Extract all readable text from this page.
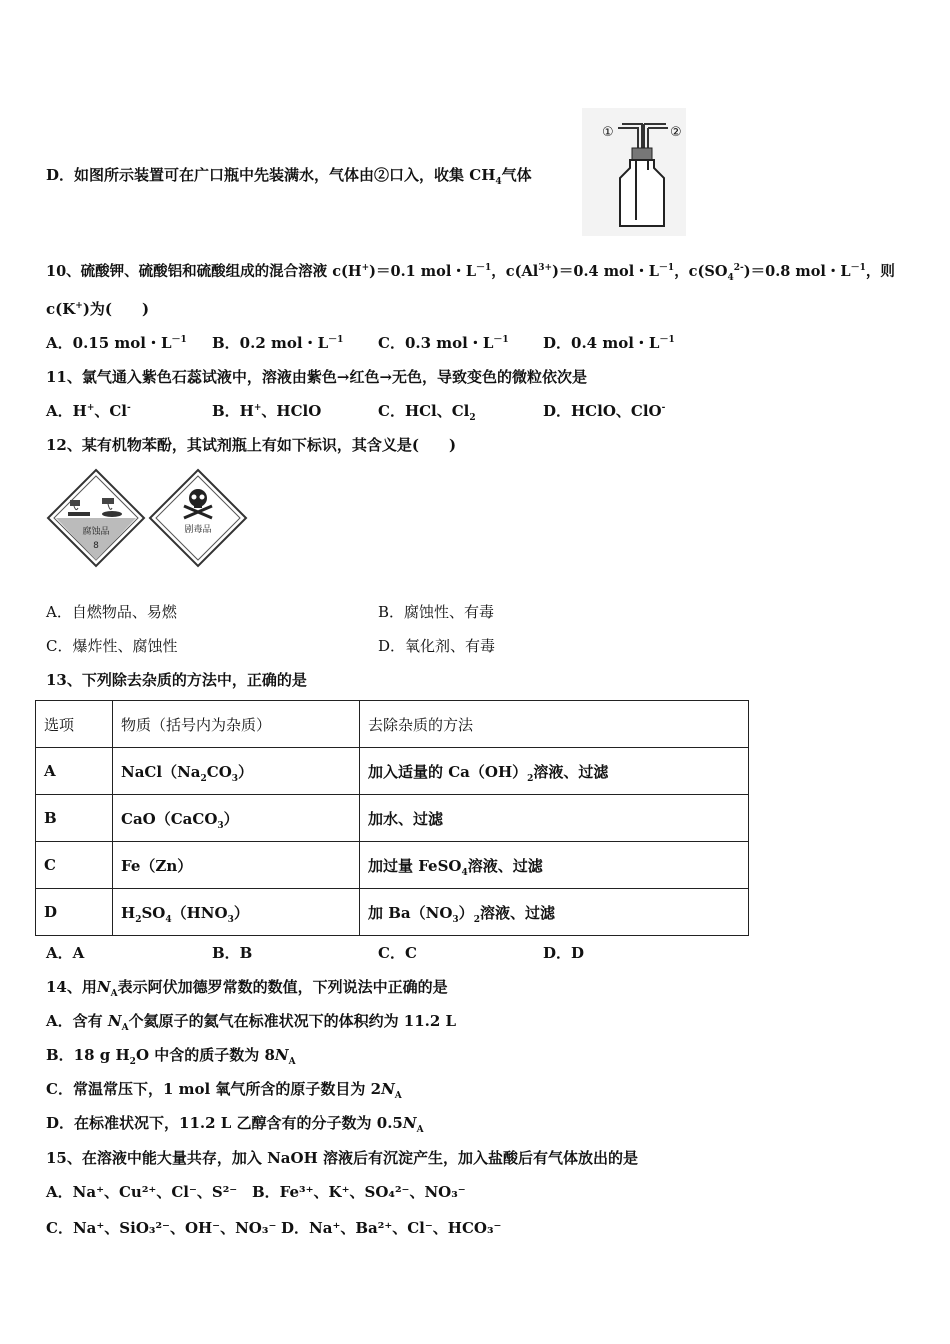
D．如图所示装置可在广口瓶中先装满水，气体由②口入，收集 $CH_4$气体
①	②
10、硫酸钾、硫酸铝和硫酸组成的混合溶液 c(H+)＝0.1 mol・$L^{-1}$，$c(Al^{3+})=0.4$ mol・$L^{-1}$，$c(SO_4^{2-})=0.8$ mol・$L^{-1}$，则
c(K+)为(　　)
A．0.15 mol・$L^{-1}$ B．0.2 mol・$L^{-1}$ C．0.3 mol・$L^{-1}$ D．0.4 mol・$L^{-1}$
11、氯气通入紫色石蕊试液中，溶液由紫色→红色→无色，导致变色的微粒依次是
A．H+、Cl-	B．H+、HClO	C．HCl、$Cl_2$	D．HClO、ClO-
12、某有机物苯酚，其试剂瓶上有如下标识，其含义是(　　)
腐蚀品
8
剧毒品
A．自燃物品、易燃	B．腐蚀性、有毒
C．爆炸性、腐蚀性	D．氧化剂、有毒
13、下列除去杂质的方法中，正确的是
选项	物质（括号内为杂质）	去除杂质的方法
A	$NaCl(Na_2CO_3)$	加入适量的 $Ca(OH)_2$溶液、过滤
B	CaO（CaCO$_3$）	加水、过滤
C	Fe（Zn）	加过量 FeSO$_4$溶液、过滤
D	$H_2SO_4(HNO_3)$	加 $Ba(NO_3)_2$溶液、过滤
A．A	B．B	C．C	D．D
14、用$N_A$表示阿伏加德罗常数的数值，下列说法中正确的是
A．含有 $N_A$个氦原子的氦气在标准状况下的体积约为 11.2 L
B．18 g $H_2O$ 中含的质子数为 $8N_A$
C．常温常压下，1 mol 氧气所含的原子数目为 $2N_A$
D．在标准状况下，11.2 L 乙醇含有的分子数为 $0.5N_A$
15、在溶液中能大量共存，加入 NaOH 溶液后有沉淀产生，加入盐酸后有气体放出的是
A．Na⁺、Cu²⁺、Cl⁻、S²⁻ B．Fe³⁺、K⁺、SO₄²⁻、NO₃⁻
C．Na⁺、SiO₃²⁻、OH⁻、NO₃⁻ D．Na⁺、Ba²⁺、Cl⁻、HCO₃⁻
